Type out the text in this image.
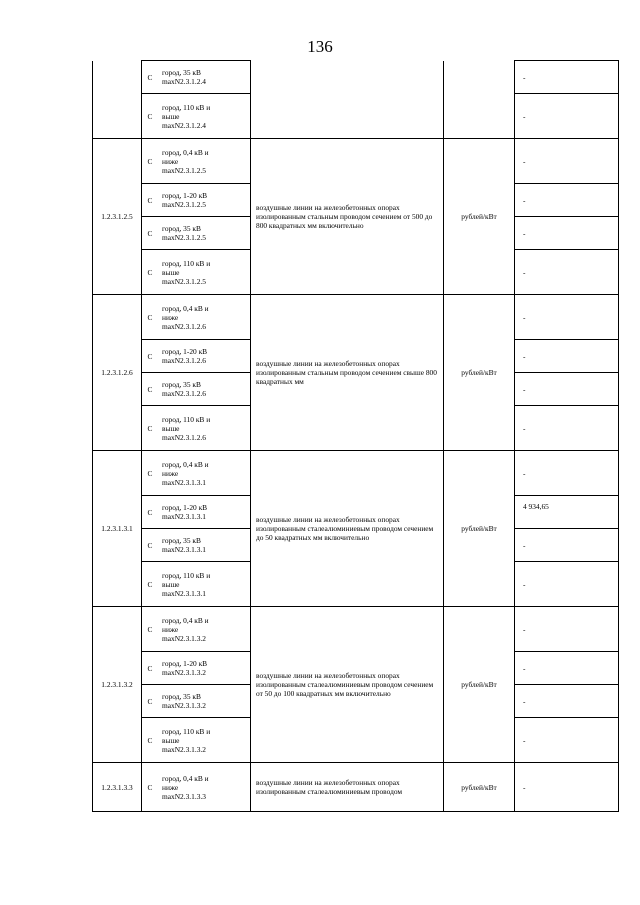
136
	С	город, 35 кВ
maxN2.3.1.2.4			-
	С	город, 110 кВ и
выше
maxN2.3.1.2.4			-
1.2.3.1.2.5	С	город, 0,4 кВ и
ниже
maxN2.3.1.2.5	воздушные линии на железобетонных опорах изолированным стальным проводом сечением от 500 до 800 квадратных мм включительно	рублей/кВт	-
	С	город, 1-20 кВ
maxN2.3.1.2.5			-
	С	город, 35 кВ
maxN2.3.1.2.5			-
	С	город, 110 кВ и
выше
maxN2.3.1.2.5			-
1.2.3.1.2.6	С	город, 0,4 кВ и
ниже
maxN2.3.1.2.6	воздушные линии на железобетонных опорах изолированным стальным проводом сечением свыше 800 квадратных мм	рублей/кВт	-
	С	город, 1-20 кВ
maxN2.3.1.2.6			-
	С	город, 35 кВ
maxN2.3.1.2.6			-
	С	город, 110 кВ и
выше
maxN2.3.1.2.6			-
1.2.3.1.3.1	С	город, 0,4 кВ и
ниже
maxN2.3.1.3.1	воздушные линии на железобетонных опорах изолированным сталеалюминиевым проводом сечением до 50 квадратных мм включительно	рублей/кВт	-
	С	город, 1-20 кВ
maxN2.3.1.3.1			4 934,65
	С	город, 35 кВ
maxN2.3.1.3.1			-
	С	город, 110 кВ и
выше
maxN2.3.1.3.1			-
1.2.3.1.3.2	С	город, 0,4 кВ и
ниже
maxN2.3.1.3.2	воздушные линии на железобетонных опорах изолированным сталеалюминиевым проводом сечением от 50 до 100 квадратных мм включительно	рублей/кВт	-
	С	город, 1-20 кВ
maxN2.3.1.3.2			-
	С	город, 35 кВ
maxN2.3.1.3.2			-
	С	город, 110 кВ и
выше
maxN2.3.1.3.2			-
1.2.3.1.3.3	С	город, 0,4 кВ и
ниже
maxN2.3.1.3.3	воздушные линии на железобетонных опорах изолированным сталеалюминиевым проводом	рублей/кВт	-
